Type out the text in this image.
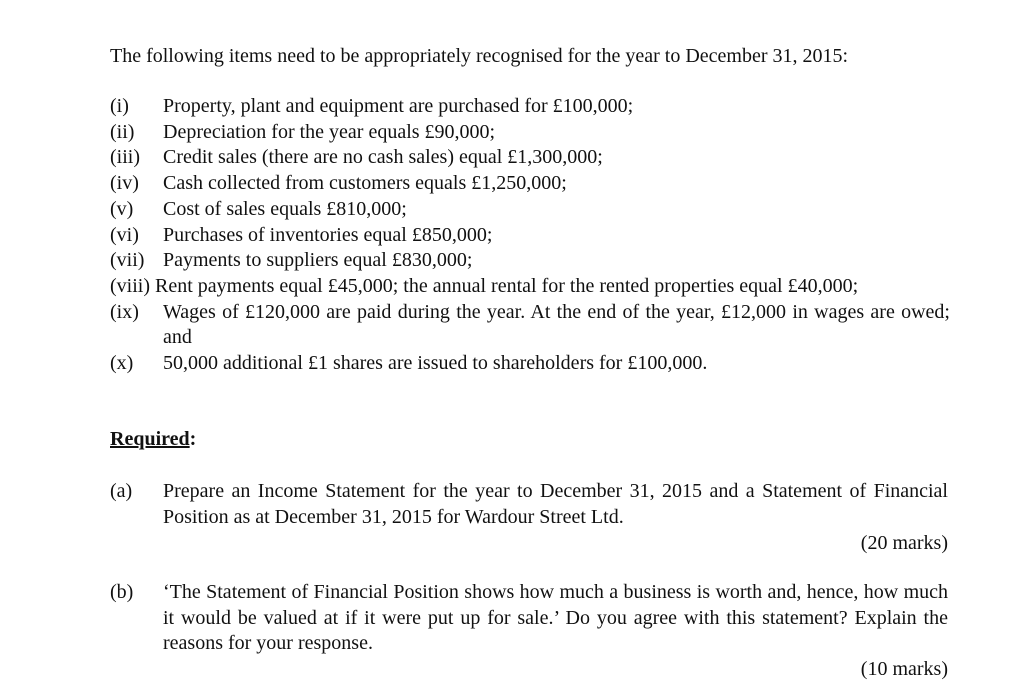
The following items need to be appropriately recognised for the year to December 31, 2015:
(i)	Property, plant and equipment are purchased for £100,000;
(ii)	Depreciation for the year equals £90,000;
(iii)	Credit sales (there are no cash sales) equal £1,300,000;
(iv)	Cash collected from customers equals £1,250,000;
(v)	Cost of sales equals £810,000;
(vi)	Purchases of inventories equal £850,000;
(vii) Payments to suppliers equal £830,000;
(viii) Rent payments equal £45,000; the annual rental for the rented properties equal £40,000;
(ix)	Wages of £120,000 are paid during the year. At the end of the year, £12,000 in wages are owed; and
(x)	50,000 additional £1 shares are issued to shareholders for £100,000.
Required:
(a)	Prepare an Income Statement for the year to December 31, 2015 and a Statement of Financial Position as at December 31, 2015 for Wardour Street Ltd.
(20 marks)
(b)	‘The Statement of Financial Position shows how much a business is worth and, hence, how much it would be valued at if it were put up for sale.’ Do you agree with this statement? Explain the reasons for your response.
(10 marks)
